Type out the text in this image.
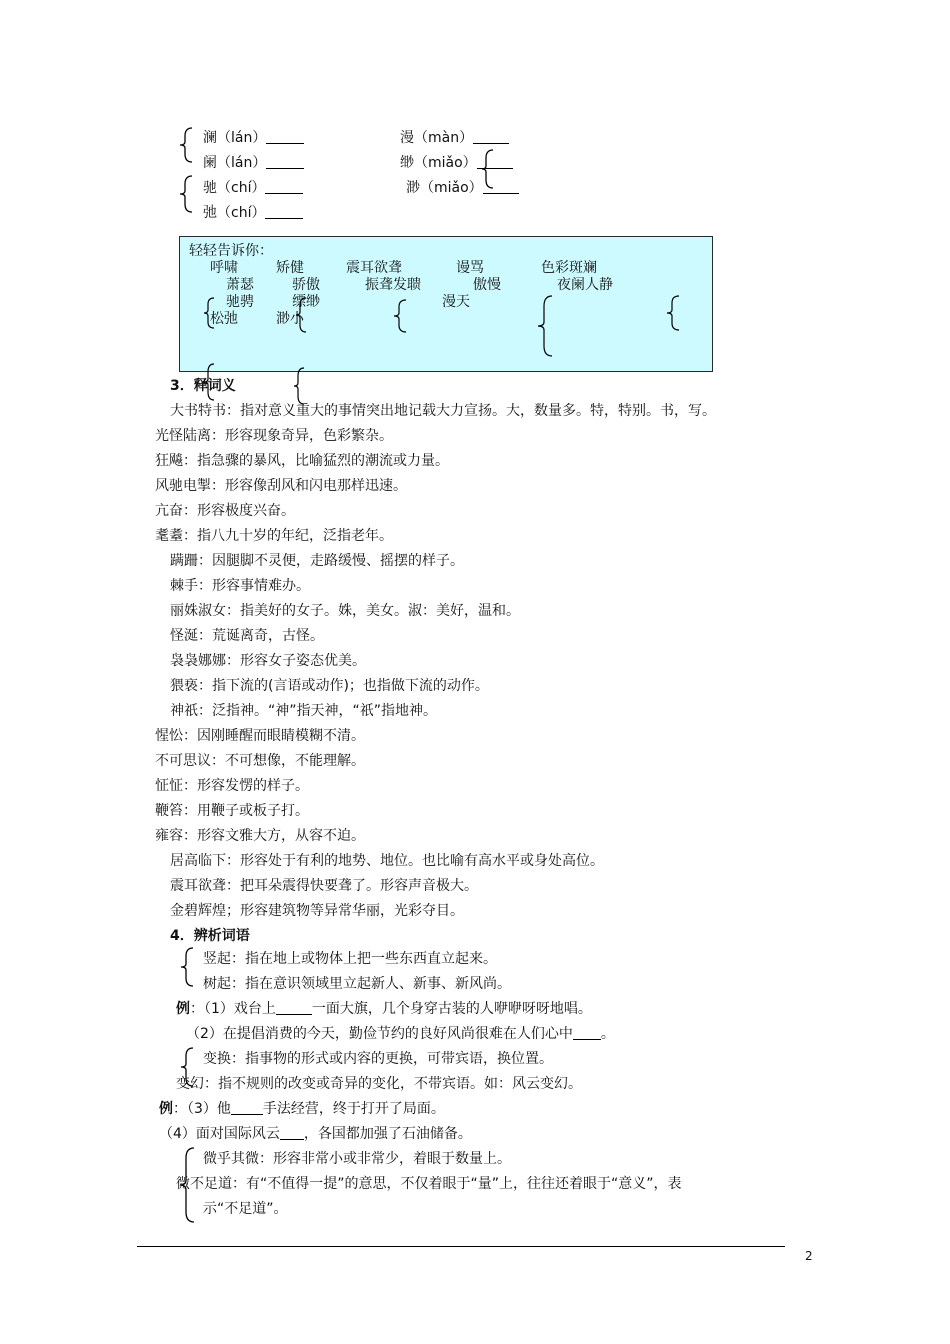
澜（lán）	漫（màn）
阑（lán）	缈（miǎo）
驰（chí）	渺（miǎo）
弛（chí）
轻轻告诉你：
呼啸	矫健	震耳欲聋	谩骂	色彩斑斓
萧瑟	骄傲	振聋发聩	傲慢	夜阑人静
驰骋	缥缈	漫天
松弛	渺小
3．释词义
大书特书：指对意义重大的事情突出地记载大力宣扬。大，数量多。特，特别。书，写。
光怪陆离：形容现象奇异，色彩繁杂。
狂飚：指急骤的暴风，比喻猛烈的潮流或力量。
风驰电掣：形容像刮风和闪电那样迅速。
亢奋：形容极度兴奋。
耄耋：指八九十岁的年纪，泛指老年。
蹒跚：因腿脚不灵便，走路缓慢、摇摆的样子。
棘手：形容事情难办。
丽姝淑女：指美好的女子。姝，美女。淑：美好，温和。
怪涎：荒诞离奇，古怪。
袅袅娜娜：形容女子姿态优美。
猥亵：指下流的(言语或动作)；也指做下流的动作。
神祇：泛指神。“神”指天神，“祇”指地神。
惺忪：因刚睡醒而眼睛模糊不清。
不可思议：不可想像，不能理解。
怔怔：形容发愣的样子。
鞭笞：用鞭子或板子打。
雍容：形容文雅大方，从容不迫。
居高临下：形容处于有利的地势、地位。也比喻有高水平或身处高位。
震耳欲聋：把耳朵震得快要聋了。形容声音极大。
金碧辉煌；形容建筑物等异常华丽，光彩夺目。
4．辨析词语
竖起：指在地上或物体上把一些东西直立起来。
树起：指在意识领域里立起新人、新事、新风尚。
例：（1）戏台上	一面大旗，几个身穿古装的人咿咿呀呀地唱。
（2）在提倡消费的今天，勤俭节约的良好风尚很难在人们心中 。
变换：指事物的形式或内容的更换，可带宾语，换位置。
变幻：指不规则的改变或奇异的变化，不带宾语。如：风云变幻。
例：（3）他 手法经营，终于打开了局面。
（4）面对国际风云 ，各国都加强了石油储备。
微乎其微：形容非常小或非常少，着眼于数量上。
微不足道：有“不值得一提”的意思，不仅着眼于“量”上，往往还着眼于“意义”，表
示“不足道”。
2
